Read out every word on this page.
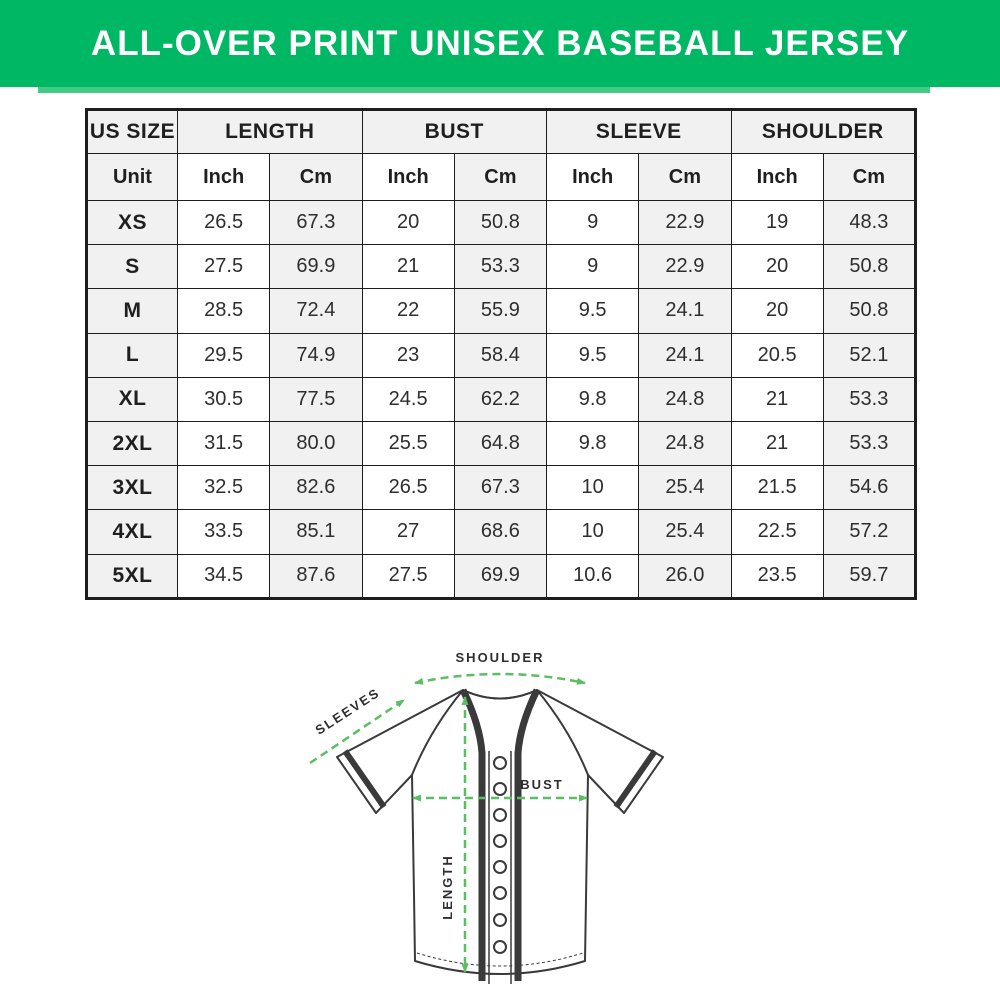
ALL-OVER PRINT UNISEX BASEBALL JERSEY
US SIZE	LENGTH		BUST		SLEEVE		SHOULDER	
Unit	Inch	Cm	Inch	Cm	Inch	Cm	Inch	Cm
XS	26.5	67.3	20	50.8	9	22.9	19	48.3
S	27.5	69.9	21	53.3	9	22.9	20	50.8
M	28.5	72.4	22	55.9	9.5	24.1	20	50.8
L	29.5	74.9	23	58.4	9.5	24.1	20.5	52.1
XL	30.5	77.5	24.5	62.2	9.8	24.8	21	53.3
2XL	31.5	80.0	25.5	64.8	9.8	24.8	21	53.3
3XL	32.5	82.6	26.5	67.3	10	25.4	21.5	54.6
4XL	33.5	85.1	27	68.6	10	25.4	22.5	57.2
5XL	34.5	87.6	27.5	69.9	10.6	26.0	23.5	59.7
SHOULDER
SLEEVES
BUST
LENGTH
